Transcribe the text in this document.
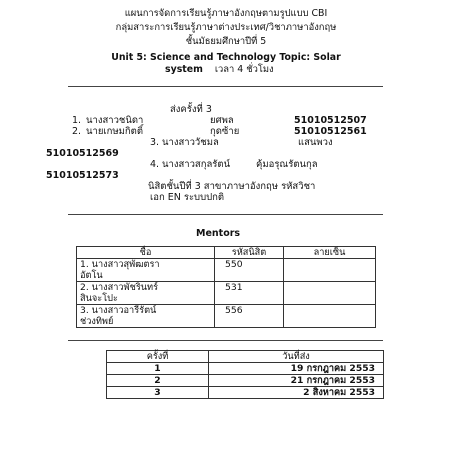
แผนการจัดการเรียนรู้ภาษาอังกฤษตามรูปแบบ CBI
กลุ่มสาระการเรียนรู้ภาษาต่างประเทศ/วิชาภาษาอังกฤษ
ชั้นมัธยมศึกษาปีที่ 5
Unit 5: Science and Technology Topic: Solar
system เวลา 4 ชั่วโมง
ส่งครั้งที่ 3
1. นางสาวชนิดา	ยศพล	51010512507
2. นายเกษมกิตติ์	กุดซ้าย	51010512561
3. นางสาววัชมล	แสนพวง
51010512569
4. นางสาวสกุลรัตน์	คุ้มอรุณรัตนกุล
51010512573
นิสิตชั้นปีที่ 3 สาขาภาษาอังกฤษ รหัสวิชา
เอก EN ระบบปกติ
Mentors
ชื่อ	รหัสนิสิต	ลายเซ็น

1. นางสาวสุพัฒตรา
อัตโน	550	

2. นางสาวพัชรินทร์
สินจะโปะ	531	

3. นางสาวอารีรัตน์
ช่วงทิพย์	556	
ครั้งที่	วันที่ส่ง
1	19 กรกฎาคม 2553
2	21 กรกฎาคม 2553
3	2 สิงหาคม 2553
